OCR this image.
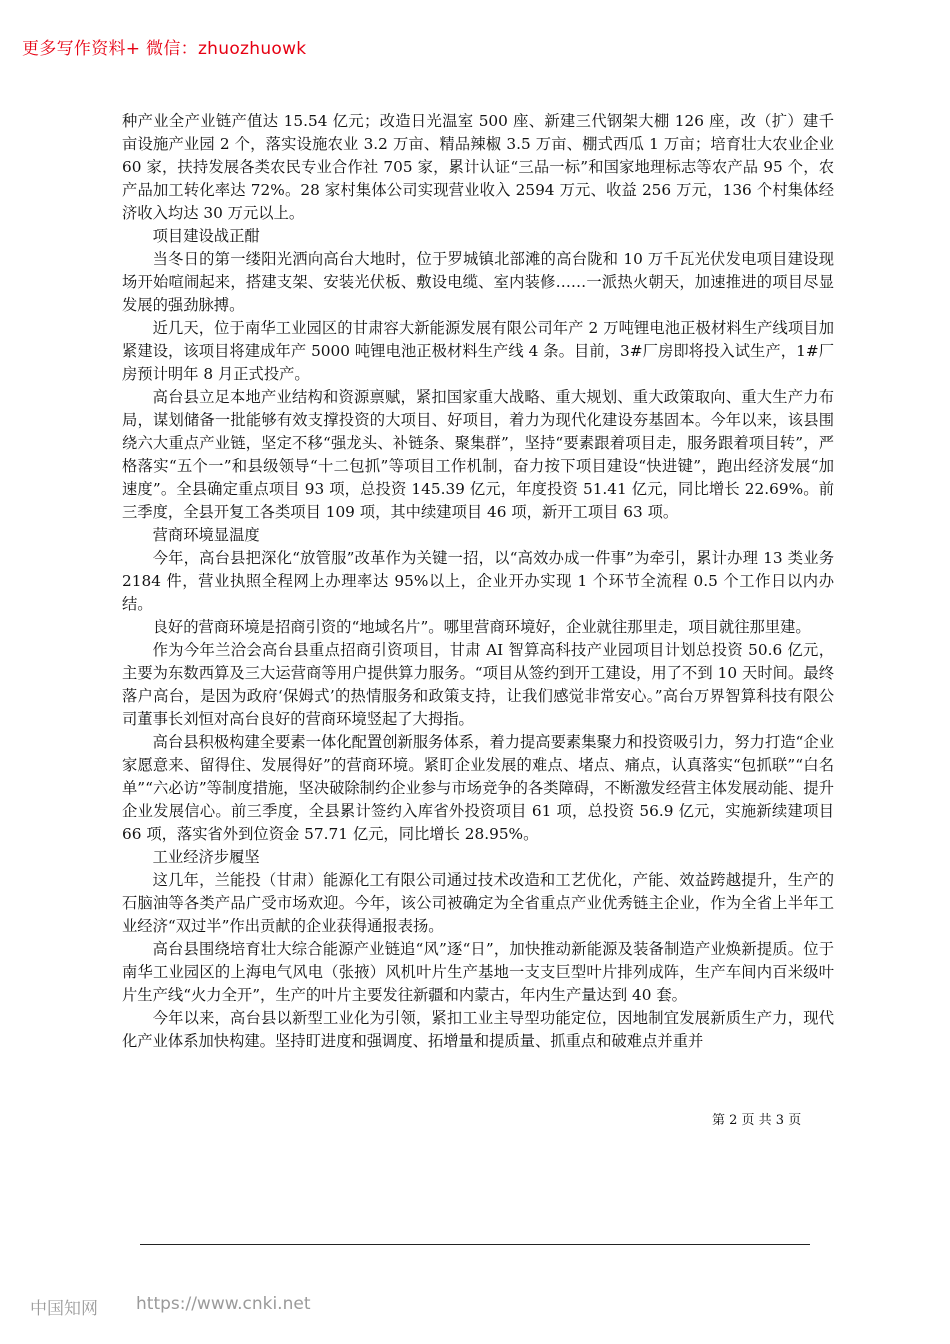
更多写作资料+ 微信：zhuozhuowk

种产业全产业链产值达 15.54 亿元；改造日光温室 500 座、新建三代钢架大棚 126 座，改（扩）建千亩设施产业园 2 个，落实设施农业 3.2 万亩、精品辣椒 3.5 万亩、棚式西瓜 1 万亩；培育壮大农业企业 60 家，扶持发展各类农民专业合作社 705 家，累计认证“三品一标”和国家地理标志等农产品 95 个，农产品加工转化率达 72%。28 家村集体公司实现营业收入 2594 万元、收益 256 万元，136 个村集体经济收入均达 30 万元以上。

项目建设战正酣

当冬日的第一缕阳光洒向高台大地时，位于罗城镇北部滩的高台陇和 10 万千瓦光伏发电项目建设现场开始喧闹起来，搭建支架、安装光伏板、敷设电缆、室内装修……一派热火朝天，加速推进的项目尽显发展的强劲脉搏。

近几天，位于南华工业园区的甘肃容大新能源发展有限公司年产 2 万吨锂电池正极材料生产线项目加紧建设，该项目将建成年产 5000 吨锂电池正极材料生产线 4 条。目前，3#厂房即将投入试生产，1#厂房预计明年 8 月正式投产。

高台县立足本地产业结构和资源禀赋，紧扣国家重大战略、重大规划、重大政策取向、重大生产力布局，谋划储备一批能够有效支撑投资的大项目、好项目，着力为现代化建设夯基固本。今年以来，该县围绕六大重点产业链，坚定不移“强龙头、补链条、聚集群”，坚持“要素跟着项目走，服务跟着项目转”，严格落实“五个一”和县级领导“十二包抓”等项目工作机制，奋力按下项目建设“快进键”，跑出经济发展“加速度”。全县确定重点项目 93 项，总投资 145.39 亿元，年度投资 51.41 亿元，同比增长 22.69%。前三季度，全县开复工各类项目 109 项，其中续建项目 46 项，新开工项目 63 项。

营商环境显温度

今年，高台县把深化“放管服”改革作为关键一招，以“高效办成一件事”为牵引，累计办理 13 类业务 2184 件，营业执照全程网上办理率达 95%以上，企业开办实现 1 个环节全流程 0.5 个工作日以内办结。

良好的营商环境是招商引资的“地域名片”。哪里营商环境好，企业就往那里走，项目就往那里建。

作为今年兰洽会高台县重点招商引资项目，甘肃 AI 智算高科技产业园项目计划总投资 50.6 亿元，主要为东数西算及三大运营商等用户提供算力服务。“项目从签约到开工建设，用了不到 10 天时间。最终落户高台，是因为政府‘保姆式’的热情服务和政策支持，让我们感觉非常安心。”高台万界智算科技有限公司董事长刘恒对高台良好的营商环境竖起了大拇指。

高台县积极构建全要素一体化配置创新服务体系，着力提高要素集聚力和投资吸引力，努力打造“企业家愿意来、留得住、发展得好”的营商环境。紧盯企业发展的难点、堵点、痛点，认真落实“包抓联”“白名单”“六必访”等制度措施，坚决破除制约企业参与市场竞争的各类障碍，不断激发经营主体发展动能、提升企业发展信心。前三季度，全县累计签约入库省外投资项目 61 项，总投资 56.9 亿元，实施新续建项目 66 项，落实省外到位资金 57.71 亿元，同比增长 28.95%。

工业经济步履坚

这几年，兰能投（甘肃）能源化工有限公司通过技术改造和工艺优化，产能、效益跨越提升，生产的石脑油等各类产品广受市场欢迎。今年，该公司被确定为全省重点产业优秀链主企业，作为全省上半年工业经济“双过半”作出贡献的企业获得通报表扬。

高台县围绕培育壮大综合能源产业链追“风”逐“日”，加快推动新能源及装备制造产业焕新提质。位于南华工业园区的上海电气风电（张掖）风机叶片生产基地一支支巨型叶片排列成阵，生产车间内百米级叶片生产线“火力全开”，生产的叶片主要发往新疆和内蒙古，年内生产量达到 40 套。

今年以来，高台县以新型工业化为引领，紧扣工业主导型功能定位，因地制宜发展新质生产力，现代化产业体系加快构建。坚持盯进度和强调度、拓增量和提质量、抓重点和破难点并重并

第 2 页 共 3 页
中国知网 https://www.cnki.net
